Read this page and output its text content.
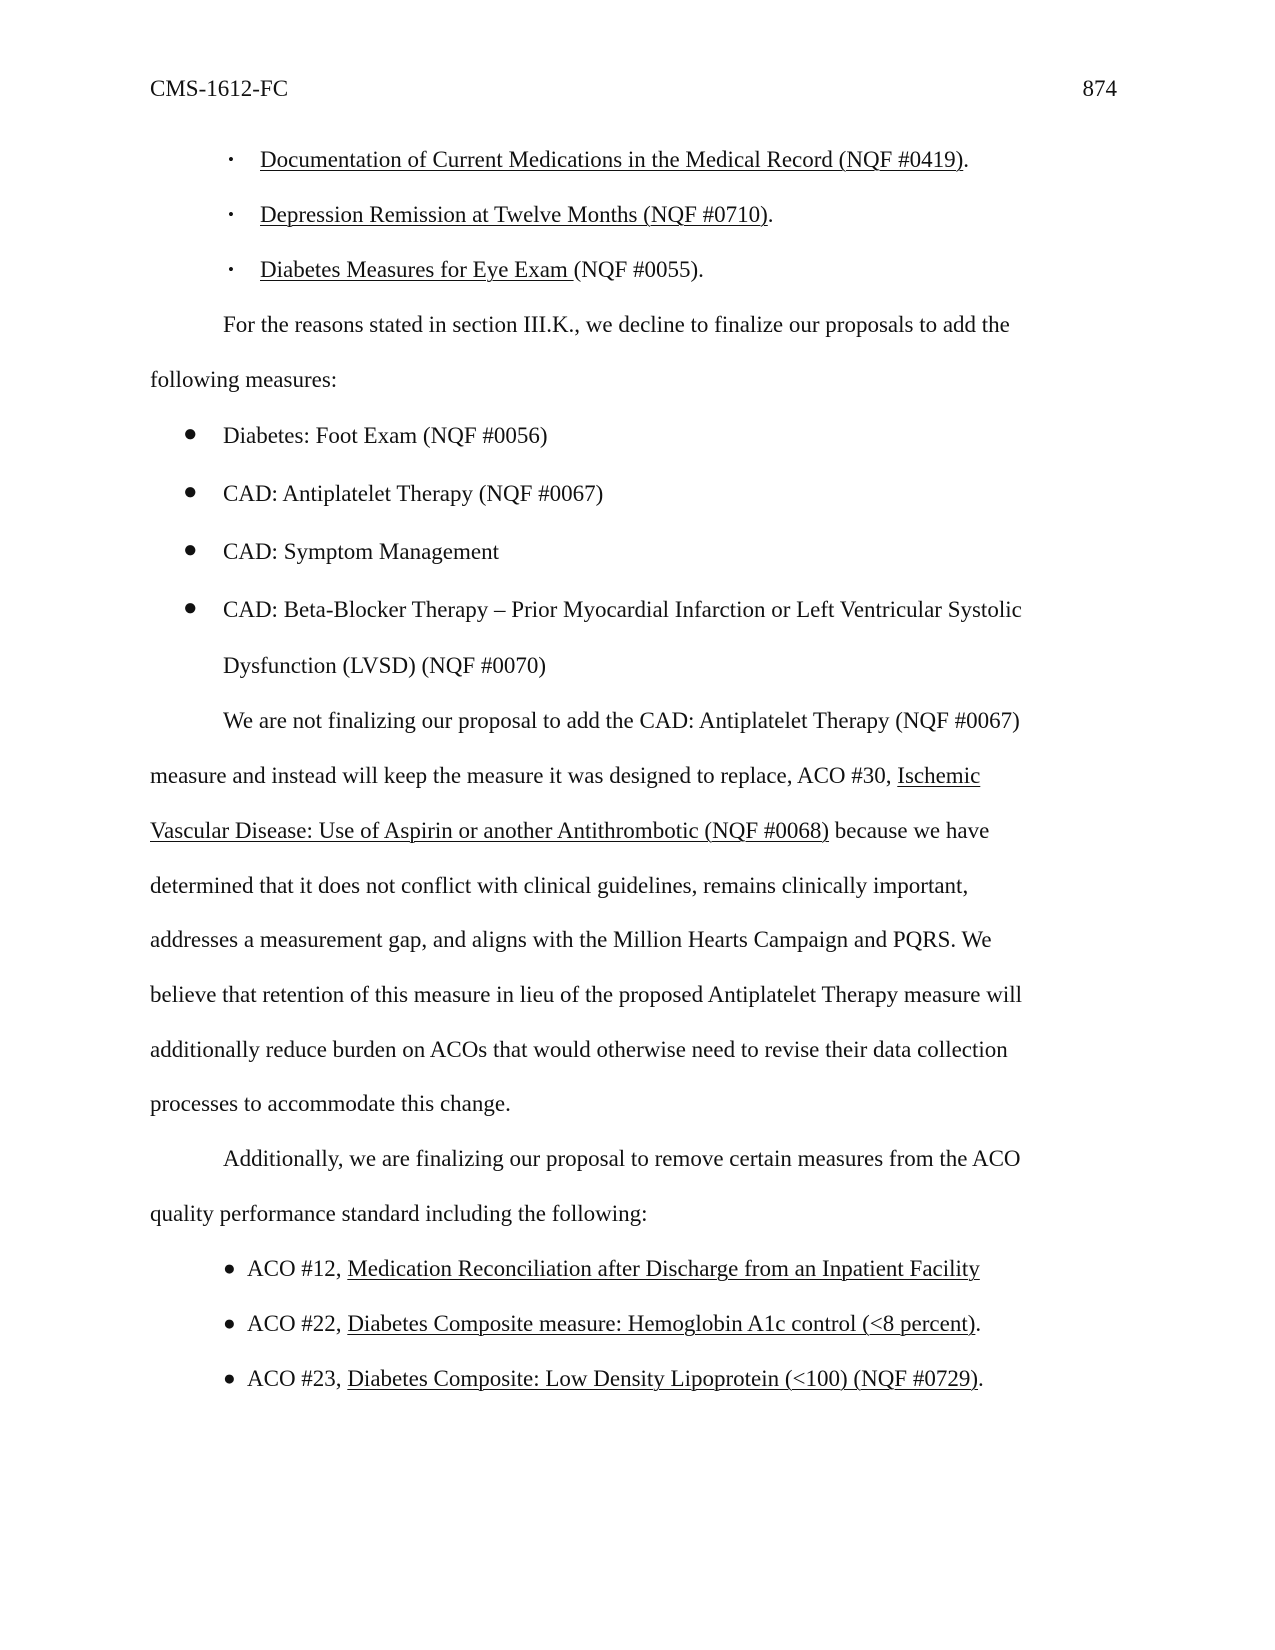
CMS-1612-FC	874
• Documentation of Current Medications in the Medical Record (NQF #0419).
• Depression Remission at Twelve Months (NQF #0710).
• Diabetes Measures for Eye Exam (NQF #0055).
For the reasons stated in section III.K., we decline to finalize our proposals to add the
following measures:
● Diabetes: Foot Exam (NQF #0056)
● CAD: Antiplatelet Therapy (NQF #0067)
● CAD: Symptom Management
● CAD: Beta-Blocker Therapy – Prior Myocardial Infarction or Left Ventricular Systolic
Dysfunction (LVSD) (NQF #0070)
We are not finalizing our proposal to add the CAD: Antiplatelet Therapy (NQF #0067)
measure and instead will keep the measure it was designed to replace, ACO #30, Ischemic
Vascular Disease: Use of Aspirin or another Antithrombotic (NQF #0068) because we have
determined that it does not conflict with clinical guidelines, remains clinically important,
addresses a measurement gap, and aligns with the Million Hearts Campaign and PQRS. We
believe that retention of this measure in lieu of the proposed Antiplatelet Therapy measure will
additionally reduce burden on ACOs that would otherwise need to revise their data collection
processes to accommodate this change.
Additionally, we are finalizing our proposal to remove certain measures from the ACO
quality performance standard including the following:
● ACO #12, Medication Reconciliation after Discharge from an Inpatient Facility
● ACO #22, Diabetes Composite measure: Hemoglobin A1c control (<8 percent).
● ACO #23, Diabetes Composite: Low Density Lipoprotein (<100) (NQF #0729).
